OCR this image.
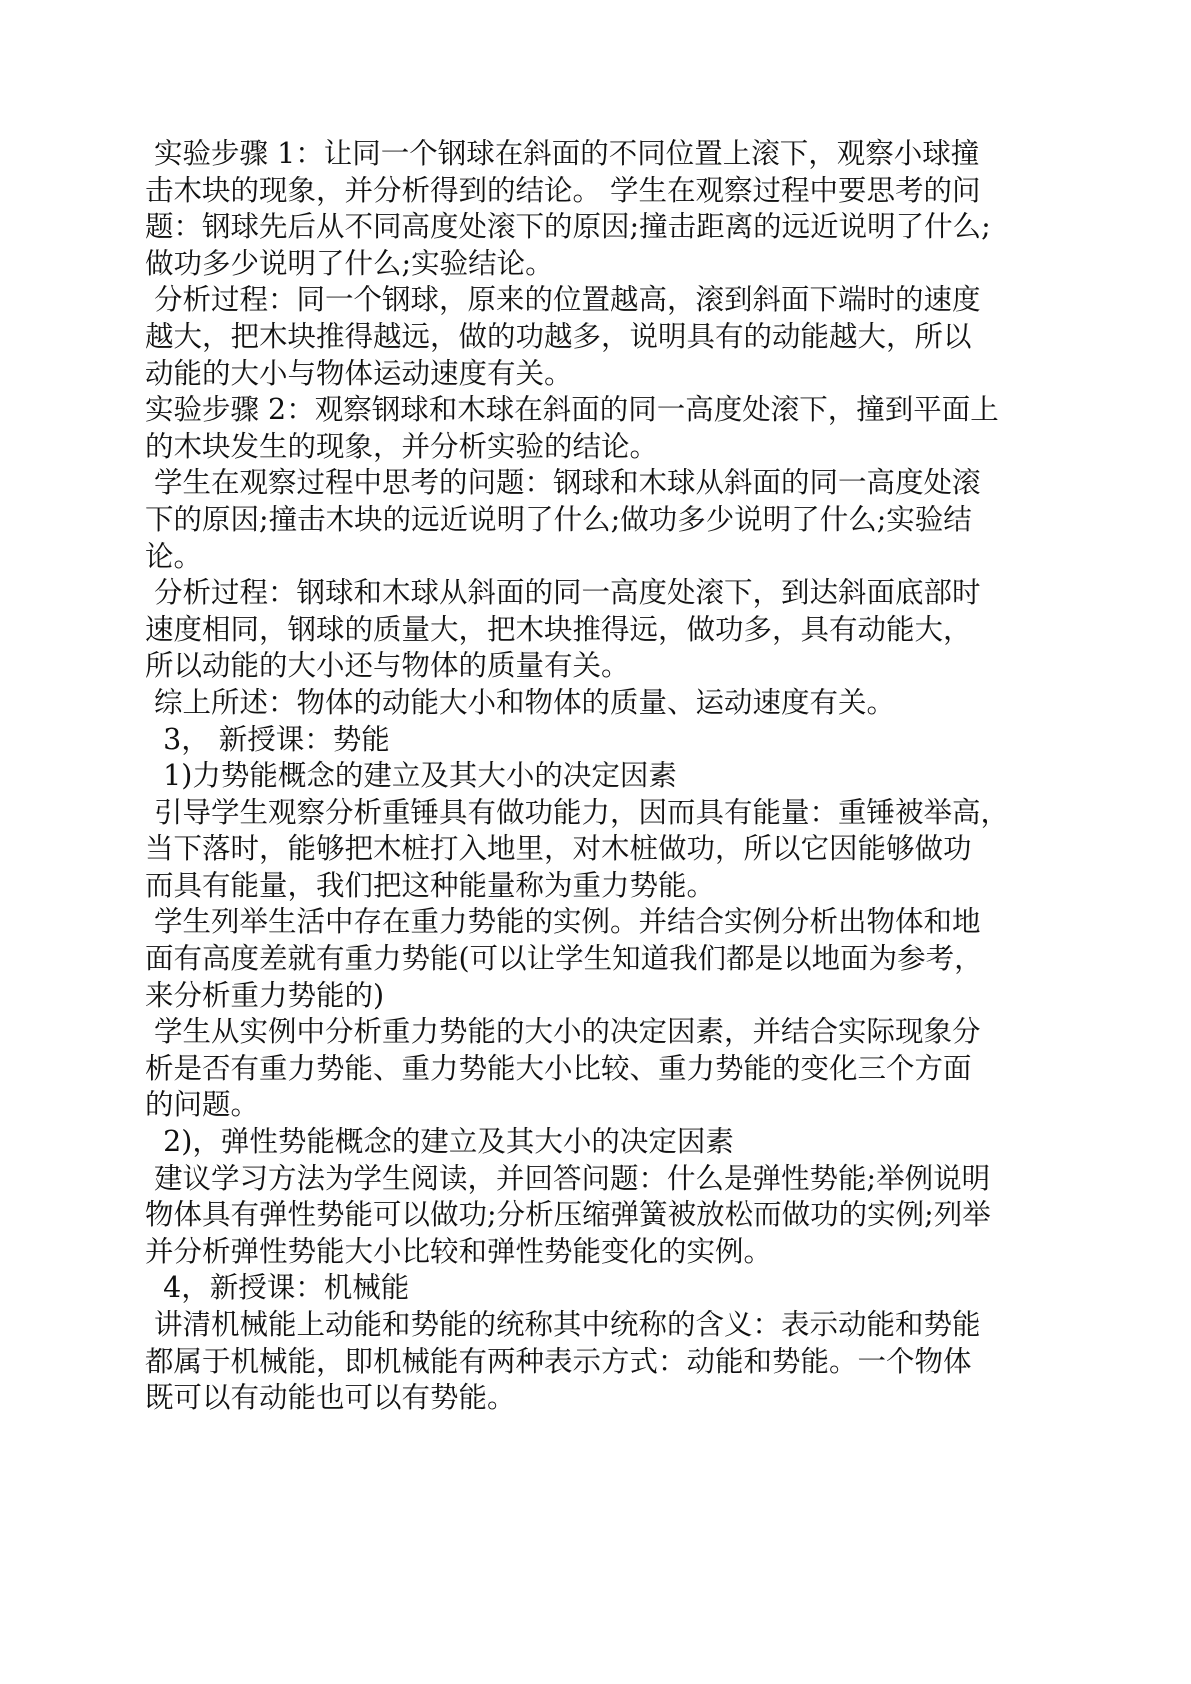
实验步骤 1：让同一个钢球在斜面的不同位置上滚下，观察小球撞
击木块的现象，并分析得到的结论。 学生在观察过程中要思考的问
题：钢球先后从不同高度处滚下的原因;撞击距离的远近说明了什么;
做功多少说明了什么;实验结论。
分析过程：同一个钢球，原来的位置越高，滚到斜面下端时的速度
越大，把木块推得越远，做的功越多，说明具有的动能越大，所以
动能的大小与物体运动速度有关。
实验步骤 2：观察钢球和木球在斜面的同一高度处滚下，撞到平面上
的木块发生的现象，并分析实验的结论。
学生在观察过程中思考的问题：钢球和木球从斜面的同一高度处滚
下的原因;撞击木块的远近说明了什么;做功多少说明了什么;实验结
论。
分析过程：钢球和木球从斜面的同一高度处滚下，到达斜面底部时
速度相同，钢球的质量大，把木块推得远，做功多，具有动能大，
所以动能的大小还与物体的质量有关。
综上所述：物体的动能大小和物体的质量、运动速度有关。
3， 新授课：势能
1)力势能概念的建立及其大小的决定因素
引导学生观察分析重锤具有做功能力，因而具有能量：重锤被举高，
当下落时，能够把木桩打入地里，对木桩做功，所以它因能够做功
而具有能量，我们把这种能量称为重力势能。
学生列举生活中存在重力势能的实例。并结合实例分析出物体和地
面有高度差就有重力势能(可以让学生知道我们都是以地面为参考，
来分析重力势能的)
学生从实例中分析重力势能的大小的决定因素，并结合实际现象分
析是否有重力势能、重力势能大小比较、重力势能的变化三个方面
的问题。
2)，弹性势能概念的建立及其大小的决定因素
建议学习方法为学生阅读，并回答问题：什么是弹性势能;举例说明
物体具有弹性势能可以做功;分析压缩弹簧被放松而做功的实例;列举
并分析弹性势能大小比较和弹性势能变化的实例。
4，新授课：机械能
讲清机械能上动能和势能的统称其中统称的含义：表示动能和势能
都属于机械能，即机械能有两种表示方式：动能和势能。一个物体
既可以有动能也可以有势能。
